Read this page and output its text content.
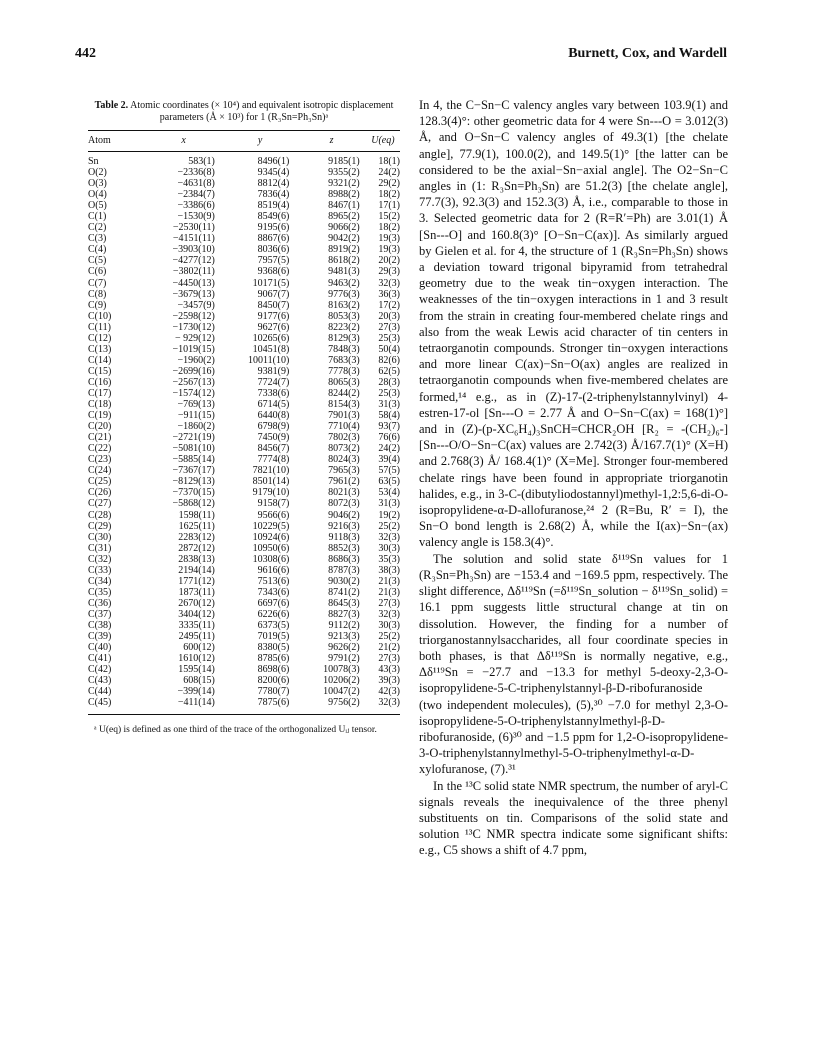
442	Burnett, Cox, and Wardell

Table 2. Atomic coordinates (× 10⁴) and equivalent isotropic displacement parameters (Å × 10³) for 1 (R₃Sn=Ph₃Sn)ᵃ

Atom	x	y	z	U(eq)
Sn	583(1)	8496(1)	9185(1)	18(1)
O(2)	−2336(8)	9345(4)	9355(2)	24(2)
O(3)	−4631(8)	8812(4)	9321(2)	29(2)
O(4)	−2384(7)	7836(4)	8988(2)	18(2)
O(5)	−3386(6)	8519(4)	8467(1)	17(1)
C(1)	−1530(9)	8549(6)	8965(2)	15(2)
C(2)	−2530(11)	9195(6)	9066(2)	18(2)
C(3)	−4151(11)	8867(6)	9042(2)	19(3)
C(4)	−3903(10)	8036(6)	8919(2)	19(3)
C(5)	−4277(12)	7957(5)	8618(2)	20(2)
C(6)	−3802(11)	9368(6)	9481(3)	29(3)
C(7)	−4450(13)	10171(5)	9463(2)	32(3)
C(8)	−3679(13)	9067(7)	9776(3)	36(3)
C(9)	−3457(9)	8450(7)	8163(2)	17(2)
C(10)	−2598(12)	9177(6)	8053(3)	20(3)
C(11)	−1730(12)	9627(6)	8223(2)	27(3)
C(12)	− 929(12)	10265(6)	8129(3)	25(3)
C(13)	−1019(15)	10451(8)	7848(3)	50(4)
C(14)	−1960(2)	10011(10)	7683(3)	82(6)
C(15)	−2699(16)	9381(9)	7778(3)	62(5)
C(16)	−2567(13)	7724(7)	8065(3)	28(3)
C(17)	−1574(12)	7338(6)	8244(2)	25(3)
C(18)	−769(13)	6714(5)	8154(3)	31(3)
C(19)	−911(15)	6440(8)	7901(3)	58(4)
C(20)	−1860(2)	6798(9)	7710(4)	93(7)
C(21)	−2721(19)	7450(9)	7802(3)	76(6)
C(22)	−5081(10)	8456(7)	8073(2)	24(2)
C(23)	−5885(14)	7774(8)	8024(3)	39(4)
C(24)	−7367(17)	7821(10)	7965(3)	57(5)
C(25)	−8129(13)	8501(14)	7961(2)	63(5)
C(26)	−7370(15)	9179(10)	8021(3)	53(4)
C(27)	−5868(12)	9158(7)	8072(3)	31(3)
C(28)	1598(11)	9566(6)	9046(2)	19(2)
C(29)	1625(11)	10229(5)	9216(3)	25(2)
C(30)	2283(12)	10924(6)	9118(3)	32(3)
C(31)	2872(12)	10950(6)	8852(3)	30(3)
C(32)	2838(13)	10308(6)	8686(3)	35(3)
C(33)	2194(14)	9616(6)	8787(3)	38(3)
C(34)	1771(12)	7513(6)	9030(2)	21(3)
C(35)	1873(11)	7343(6)	8741(2)	21(3)
C(36)	2670(12)	6697(6)	8645(3)	27(3)
C(37)	3404(12)	6226(6)	8827(3)	32(3)
C(38)	3335(11)	6373(5)	9112(2)	30(3)
C(39)	2495(11)	7019(5)	9213(3)	25(2)
C(40)	600(12)	8380(5)	9626(2)	21(2)
C(41)	1610(12)	8785(6)	9791(2)	27(3)
C(42)	1595(14)	8698(6)	10078(3)	43(3)
C(43)	608(15)	8200(6)	10206(2)	39(3)
C(44)	−399(14)	7780(7)	10047(2)	42(3)
C(45)	−411(14)	7875(6)	9756(2)	32(3)
ᵃ U(eq) is defined as one third of the trace of the orthogonalized Uᵢⱼ tensor.

In 4, the C−Sn−C valency angles vary between 103.9(1) and 128.3(4)°: other geometric data for 4 were Sn---O = 3.012(3) Å, and O−Sn−C valency angles of 49.3(1) [the chelate angle], 77.9(1), 100.0(2), and 149.5(1)° [the latter can be considered to be the axial−Sn−axial angle]. The O2−Sn−C angles in (1: R₃Sn=Ph₃Sn) are 51.2(3) [the chelate angle], 77.7(3), 92.3(3) and 152.3(3) Å, i.e., comparable to those in 3. Selected geometric data for 2 (R=R′=Ph) are 3.01(1) Å [Sn---O] and 160.8(3)° [O−Sn−C(ax)]. As similarly argued by Gielen et al. for 4, the structure of 1 (R₃Sn=Ph₃Sn) shows a deviation toward trigonal bipyramid from tetrahedral geometry due to the weak tin−oxygen interaction. The weaknesses of the tin−oxygen interactions in 1 and 3 result from the strain in creating four-membered chelate rings and also from the weak Lewis acid character of tin centers in tetraorganotin compounds. Stronger tin−oxygen interactions and more linear C(ax)−Sn−O(ax) angles are realized in tetraorganotin compounds when five-membered chelates are formed,¹⁴ e.g., as in (Z)-17-(2-triphenylstannylvinyl) 4-estren-17-ol [Sn---O = 2.77 Å and O−Sn−C(ax) = 168(1)°] and in (Z)-(p-XC₆H₄)₃SnCH=CHCR₂OH [R₂ = -(CH₂)₆-] [Sn---O/O−Sn−C(ax) values are 2.742(3) Å/167.7(1)° (X=H) and 2.768(3) Å/ 168.4(1)° (X=Me]. Stronger four-membered chelate rings have been found in appropriate triorganotin halides, e.g., in 3-C-(dibutyliodostannyl)methyl-1,2:5,6-di-O-isopropylidene-α-D-allofuranose,²⁴ 2 (R=Bu, R′ = I), the Sn−O bond length is 2.68(2) Å, while the I(ax)−Sn−(ax) valency angle is 158.3(4)°.

The solution and solid state δ¹¹⁹Sn values for 1 (R₃Sn=Ph₃Sn) are −153.4 and −169.5 ppm, respectively. The slight difference, Δδ¹¹⁹Sn (=δ¹¹⁹Sn_solution − δ¹¹⁹Sn_solid) = 16.1 ppm suggests little structural change at tin on dissolution. However, the finding for a number of triorganostannylsaccharides, all four coordinate species in both phases, is that Δδ¹¹⁹Sn is normally negative, e.g., Δδ¹¹⁹Sn = −27.7 and −13.3 for methyl 5-deoxy-2,3-O-isopropylidene-5-C-triphenylstannyl-β-D-ribofuranoside (two independent molecules), (5),³⁰ −7.0 for methyl 2,3-O-isopropylidene-5-O-triphenylstannylmethyl-β-D-ribofuranoside, (6)³⁰ and −1.5 ppm for 1,2-O-isopropylidene-3-O-triphenylstannylmethyl-5-O-triphenylmethyl-α-D-xylofuranose, (7).³¹

In the ¹³C solid state NMR spectrum, the number of aryl-C signals reveals the inequivalence of the three phenyl substituents on tin. Comparisons of the solid state and solution ¹³C NMR spectra indicate some significant shifts: e.g., C5 shows a shift of 4.7 ppm,
